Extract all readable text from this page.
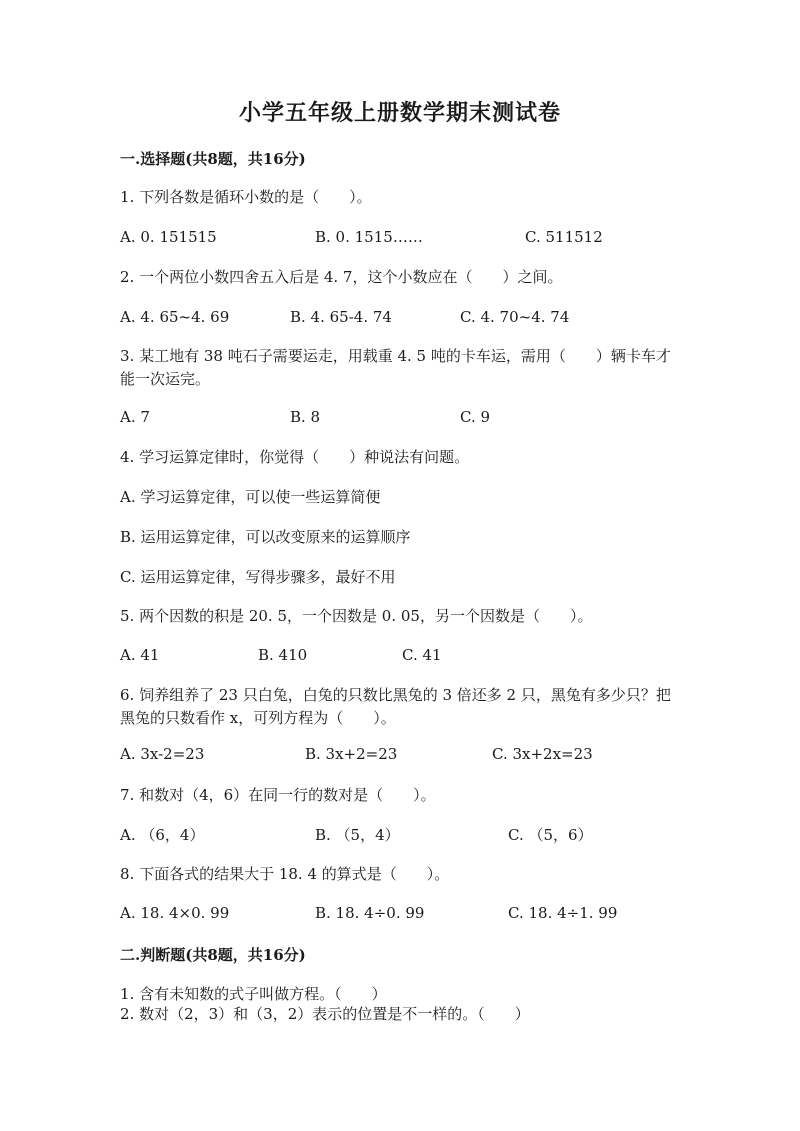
小学五年级上册数学期末测试卷
一.选择题(共8题，共16分)
1. 下列各数是循环小数的是（　　）。
A. 0. 151515	B. 0. 1515……	C. 511512
2. 一个两位小数四舍五入后是 4. 7，这个小数应在（　　）之间。
A. 4. 65~4. 69	B. 4. 65-4. 74	C. 4. 70~4. 74
3. 某工地有 38 吨石子需要运走，用载重 4. 5 吨的卡车运，需用（　　）辆卡车才能一次运完。
A. 7	B. 8	C. 9
4. 学习运算定律时，你觉得（　　）种说法有问题。
A. 学习运算定律，可以使一些运算简便
B. 运用运算定律，可以改变原来的运算顺序
C. 运用运算定律，写得步骤多，最好不用
5. 两个因数的积是 20. 5，一个因数是 0. 05，另一个因数是（　　）。
A. 41	B. 410	C. 41
6. 饲养组养了 23 只白兔，白兔的只数比黑兔的 3 倍还多 2 只，黑兔有多少只？把黑兔的只数看作 x，可列方程为（　　）。
A. 3x-2=23	B. 3x+2=23	C. 3x+2x=23
7. 和数对（4，6）在同一行的数对是（　　）。
A. （6，4）	B. （5，4）	C. （5，6）
8. 下面各式的结果大于 18. 4 的算式是（　　）。
A. 18. 4×0. 99	B. 18. 4÷0. 99	C. 18. 4÷1. 99
二.判断题(共8题，共16分)
1. 含有未知数的式子叫做方程。（　　）
2. 数对（2，3）和（3，2）表示的位置是不一样的。（　　）
